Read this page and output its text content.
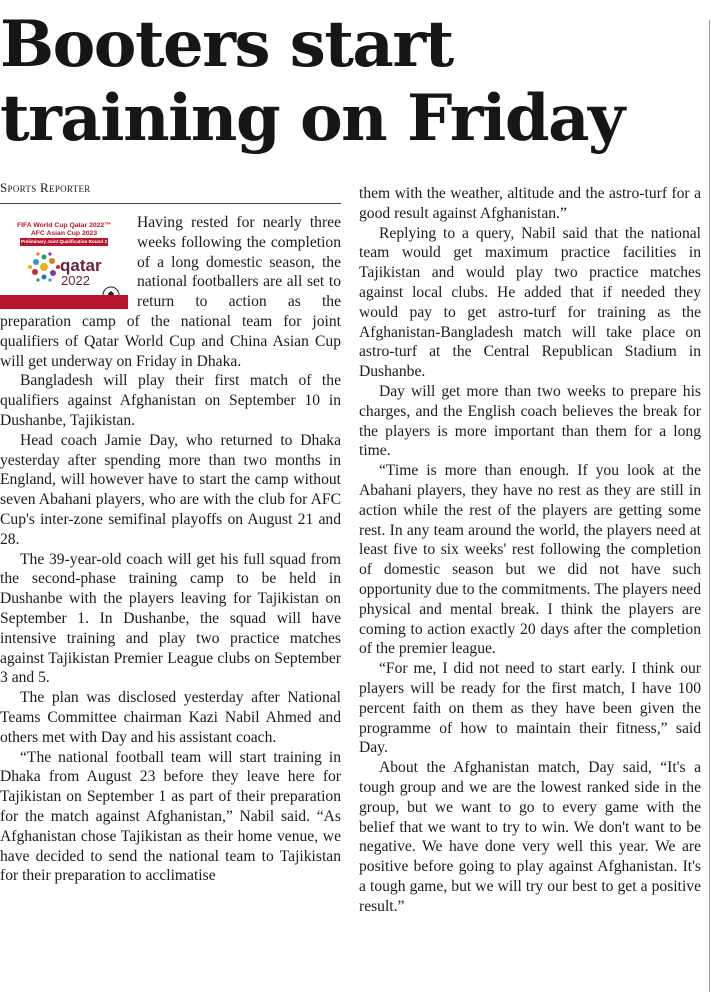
Booters start training on Friday
Sports Reporter
FIFA World Cup Qatar 2022™
AFC Asian Cup 2023
Preliminary Joint Qualification Round 2
qatar
2022

Having rested for nearly three weeks following the completion of a long domestic season, the national footballers are all set to return to action as the preparation camp of the national team for joint qualifiers of Qatar World Cup and China Asian Cup will get underway on Friday in Dhaka.

Bangladesh will play their first match of the qualifiers against Afghanistan on September 10 in Dushanbe, Tajikistan.

Head coach Jamie Day, who returned to Dhaka yesterday after spending more than two months in England, will however have to start the camp without seven Abahani players, who are with the club for AFC Cup's inter-zone semifinal playoffs on August 21 and 28.

The 39-year-old coach will get his full squad from the second-phase training camp to be held in Dushanbe with the players leaving for Tajikistan on September 1. In Dushanbe, the squad will have intensive training and play two practice matches against Tajikistan Premier League clubs on September 3 and 5.

The plan was disclosed yesterday after National Teams Committee chairman Kazi Nabil Ahmed and others met with Day and his assistant coach.

“The national football team will start training in Dhaka from August 23 before they leave here for Tajikistan on September 1 as part of their preparation for the match against Afghanistan,” Nabil said. “As Afghanistan chose Tajikistan as their home venue, we have decided to send the national team to Tajikistan for their preparation to acclimatise

them with the weather, altitude and the astro-turf for a good result against Afghanistan.”

Replying to a query, Nabil said that the national team would get maximum practice facilities in Tajikistan and would play two practice matches against local clubs. He added that if needed they would pay to get astro-turf for training as the Afghanistan-Bangladesh match will take place on astro-turf at the Central Republican Stadium in Dushanbe.

Day will get more than two weeks to prepare his charges, and the English coach believes the break for the players is more important than them for a long time.

“Time is more than enough. If you look at the Abahani players, they have no rest as they are still in action while the rest of the players are getting some rest. In any team around the world, the players need at least five to six weeks' rest following the completion of domestic season but we did not have such opportunity due to the commitments. The players need physical and mental break. I think the players are coming to action exactly 20 days after the completion of the premier league.

“For me, I did not need to start early. I think our players will be ready for the first match, I have 100 percent faith on them as they have been given the programme of how to maintain their fitness,” said Day.

About the Afghanistan match, Day said, “It's a tough group and we are the lowest ranked side in the group, but we want to go to every game with the belief that we want to try to win. We don't want to be negative. We have done very well this year. We are positive before going to play against Afghanistan. It's a tough game, but we will try our best to get a positive result.”
